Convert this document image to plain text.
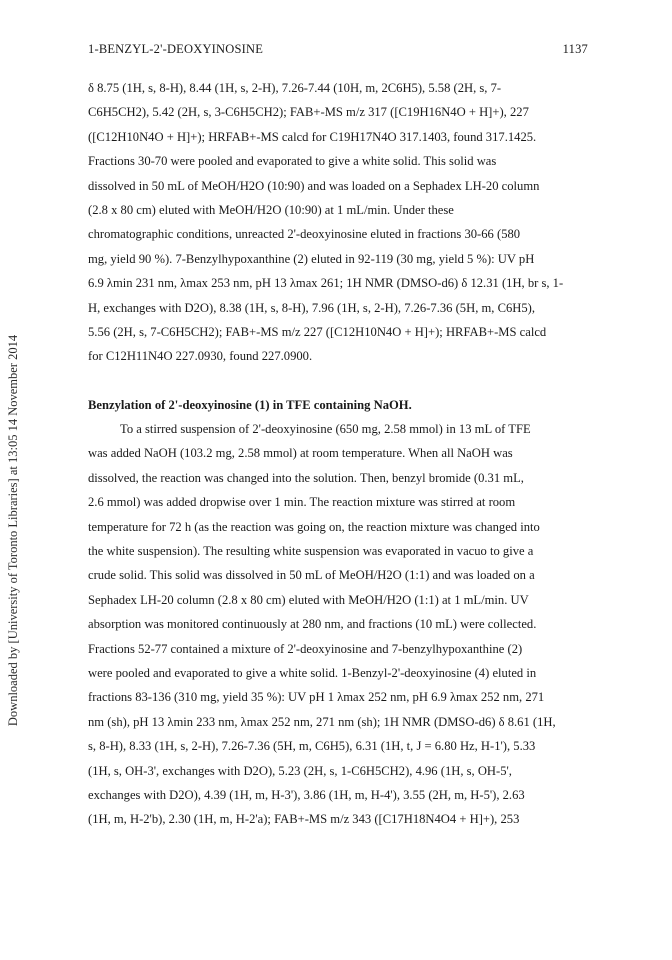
1-BENZYL-2'-DEOXYINOSINE	1137
Downloaded by [University of Toronto Libraries] at 13:05 14 November 2014
δ 8.75 (1H, s, 8-H), 8.44 (1H, s, 2-H), 7.26-7.44 (10H, m, 2C6H5), 5.58 (2H, s, 7-
C6H5CH2), 5.42 (2H, s, 3-C6H5CH2); FAB+-MS m/z 317 ([C19H16N4O + H]+), 227
([C12H10N4O + H]+); HRFAB+-MS calcd for C19H17N4O 317.1403, found 317.1425.
Fractions 30-70 were pooled and evaporated to give a white solid. This solid was
dissolved in 50 mL of MeOH/H2O (10:90) and was loaded on a Sephadex LH-20 column
(2.8 x 80 cm) eluted with MeOH/H2O (10:90) at 1 mL/min. Under these
chromatographic conditions, unreacted 2'-deoxyinosine eluted in fractions 30-66 (580
mg, yield 90 %). 7-Benzylhypoxanthine (2) eluted in 92-119 (30 mg, yield 5 %): UV pH
6.9 λmin 231 nm, λmax 253 nm, pH 13 λmax 261; 1H NMR (DMSO-d6) δ 12.31 (1H, br s, 1-
H, exchanges with D2O), 8.38 (1H, s, 8-H), 7.96 (1H, s, 2-H), 7.26-7.36 (5H, m, C6H5),
5.56 (2H, s, 7-C6H5CH2); FAB+-MS m/z 227 ([C12H10N4O + H]+); HRFAB+-MS calcd
for C12H11N4O 227.0930, found 227.0900.
Benzylation of 2'-deoxyinosine (1) in TFE containing NaOH.
To a stirred suspension of 2'-deoxyinosine (650 mg, 2.58 mmol) in 13 mL of TFE
was added NaOH (103.2 mg, 2.58 mmol) at room temperature. When all NaOH was
dissolved, the reaction was changed into the solution. Then, benzyl bromide (0.31 mL,
2.6 mmol) was added dropwise over 1 min. The reaction mixture was stirred at room
temperature for 72 h (as the reaction was going on, the reaction mixture was changed into
the white suspension). The resulting white suspension was evaporated in vacuo to give a
crude solid. This solid was dissolved in 50 mL of MeOH/H2O (1:1) and was loaded on a
Sephadex LH-20 column (2.8 x 80 cm) eluted with MeOH/H2O (1:1) at 1 mL/min. UV
absorption was monitored continuously at 280 nm, and fractions (10 mL) were collected.
Fractions 52-77 contained a mixture of 2'-deoxyinosine and 7-benzylhypoxanthine (2)
were pooled and evaporated to give a white solid. 1-Benzyl-2'-deoxyinosine (4) eluted in
fractions 83-136 (310 mg, yield 35 %): UV pH 1 λmax 252 nm, pH 6.9 λmax 252 nm, 271
nm (sh), pH 13 λmin 233 nm, λmax 252 nm, 271 nm (sh); 1H NMR (DMSO-d6) δ 8.61 (1H,
s, 8-H), 8.33 (1H, s, 2-H), 7.26-7.36 (5H, m, C6H5), 6.31 (1H, t, J = 6.80 Hz, H-1'), 5.33
(1H, s, OH-3', exchanges with D2O), 5.23 (2H, s, 1-C6H5CH2), 4.96 (1H, s, OH-5',
exchanges with D2O), 4.39 (1H, m, H-3'), 3.86 (1H, m, H-4'), 3.55 (2H, m, H-5'), 2.63
(1H, m, H-2'b), 2.30 (1H, m, H-2'a); FAB+-MS m/z 343 ([C17H18N4O4 + H]+), 253
